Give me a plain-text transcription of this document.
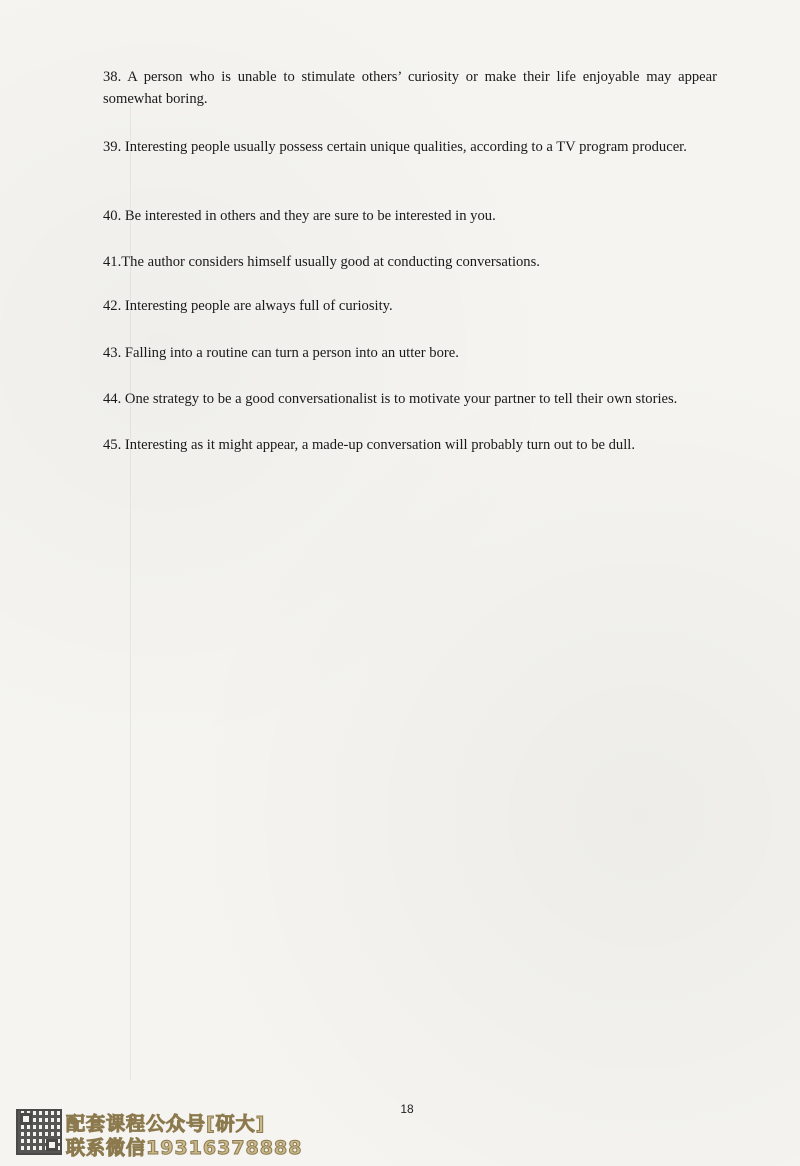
38. A person who is unable to stimulate others’ curiosity or make their life enjoyable may appear somewhat boring.

39. Interesting people usually possess certain unique qualities, according to a TV program producer.

40. Be interested in others and they are sure to be interested in you.

41.The author considers himself usually good at conducting conversations.

42. Interesting people are always full of curiosity.

43. Falling into a routine can turn a person into an utter bore.

44. One strategy to be a good conversationalist is to motivate your partner to tell their own stories.

45. Interesting as it might appear, a made-up conversation will probably turn out to be dull.

18
配套课程公众号[研大]
联系微信19316378888
